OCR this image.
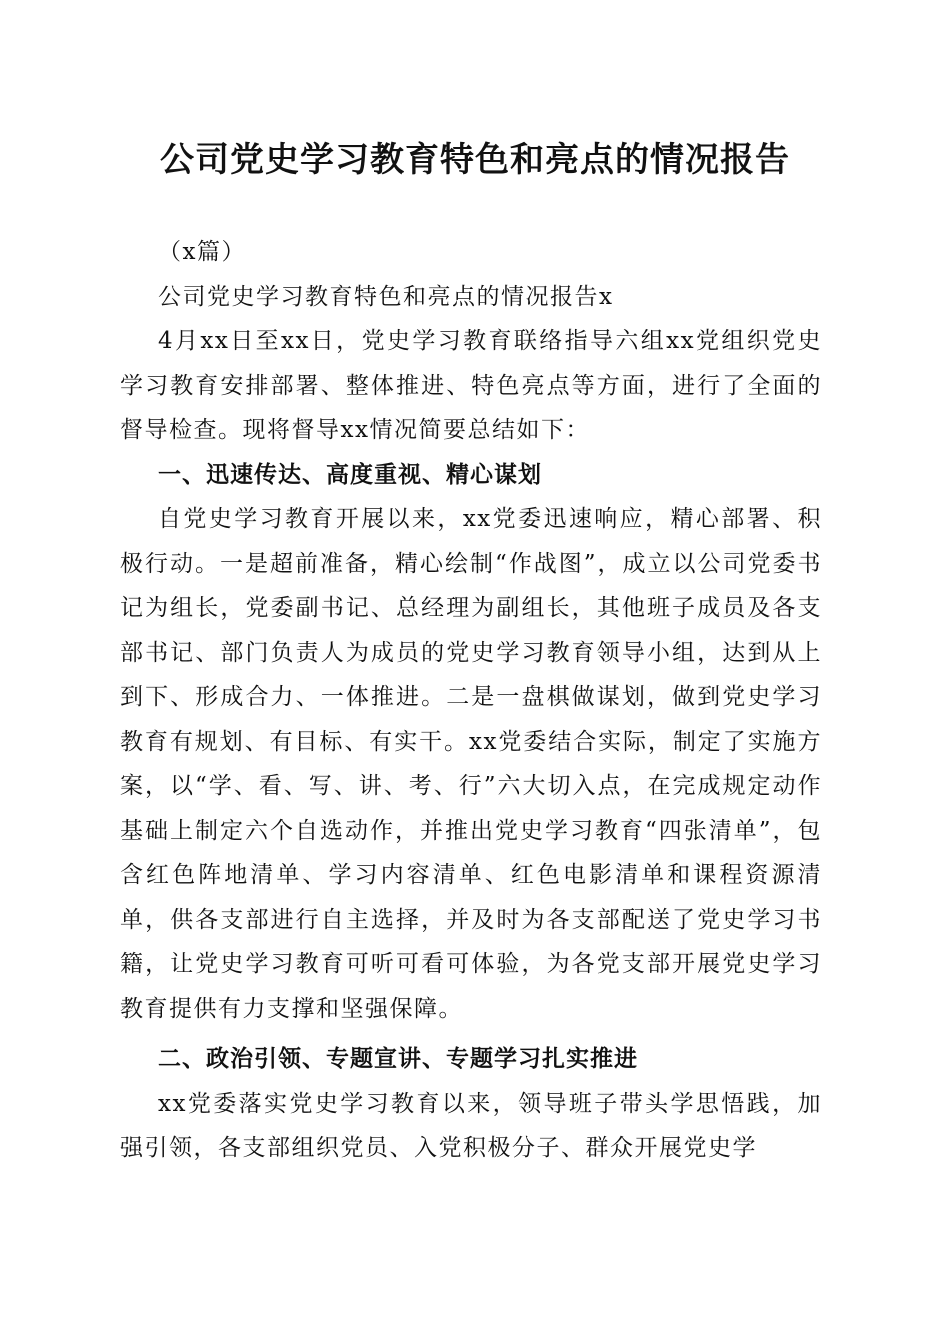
公司党史学习教育特色和亮点的情况报告

（x篇）

公司党史学习教育特色和亮点的情况报告x

4月xx日至xx日，党史学习教育联络指导六组xx党组织党史学习教育安排部署、整体推进、特色亮点等方面，进行了全面的督导检查。现将督导xx情况简要总结如下：

一、迅速传达、高度重视、精心谋划

自党史学习教育开展以来，xx党委迅速响应，精心部署、积极行动。一是超前准备，精心绘制“作战图”，成立以公司党委书记为组长，党委副书记、总经理为副组长，其他班子成员及各支部书记、部门负责人为成员的党史学习教育领导小组，达到从上到下、形成合力、一体推进。二是一盘棋做谋划，做到党史学习教育有规划、有目标、有实干。xx党委结合实际，制定了实施方案，以“学、看、写、讲、考、行”六大切入点，在完成规定动作基础上制定六个自选动作，并推出党史学习教育“四张清单”，包含红色阵地清单、学习内容清单、红色电影清单和课程资源清单，供各支部进行自主选择，并及时为各支部配送了党史学习书籍，让党史学习教育可听可看可体验，为各党支部开展党史学习教育提供有力支撑和坚强保障。

二、政治引领、专题宣讲、专题学习扎实推进

xx党委落实党史学习教育以来，领导班子带头学思悟践，加强引领，各支部组织党员、入党积极分子、群众开展党史学
